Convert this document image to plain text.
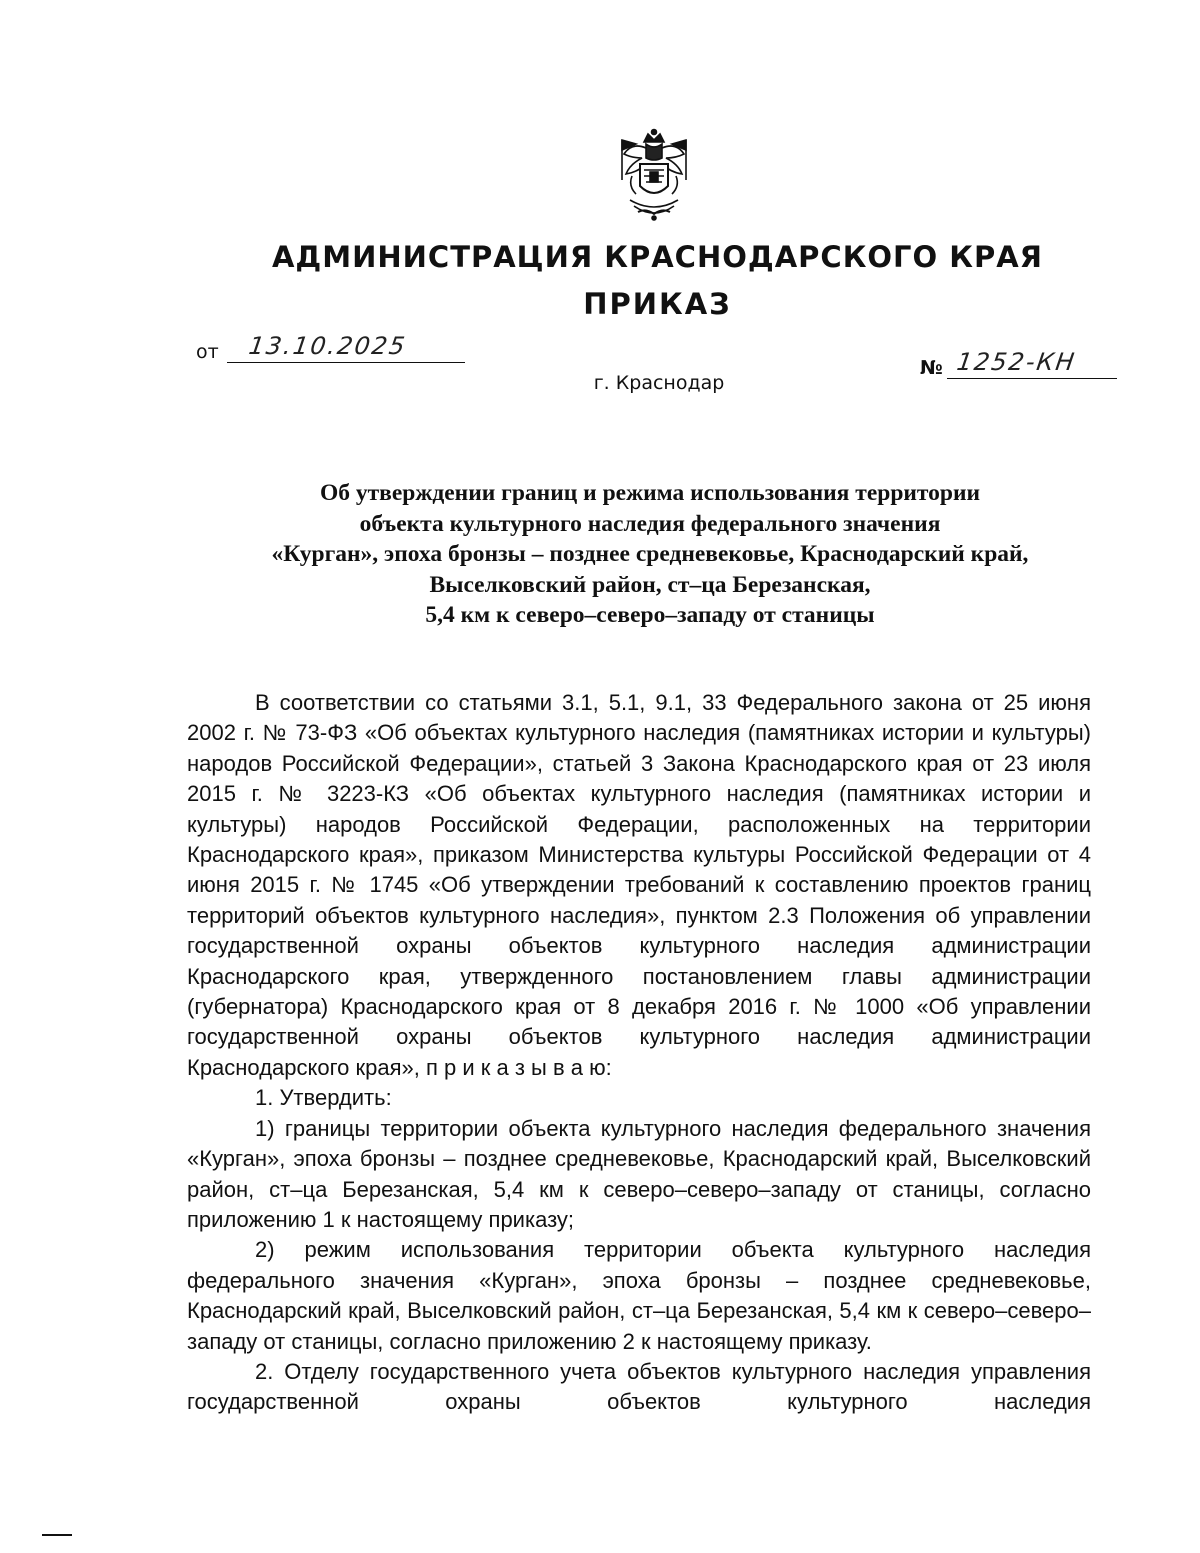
АДМИНИСТРАЦИЯ КРАСНОДАРСКОГО КРАЯ
ПРИКАЗ
от 13.10.2025
№ 1252-КН
г. Краснодар
Об утверждении границ и режима использования территории
объекта культурного наследия федерального значения
«Курган», эпоха бронзы – позднее средневековье, Краснодарский край,
Выселковский район, ст–ца Березанская,
5,4 км к северо–северо–западу от станицы

В соответствии со статьями 3.1, 5.1, 9.1, 33 Федерального закона от 25 июня 2002 г. № 73-ФЗ «Об объектах культурного наследия (памятниках истории и культуры) народов Российской Федерации», статьей 3 Закона Краснодарского края от 23 июля 2015 г. № 3223-КЗ «Об объектах культурного наследия (памятниках истории и культуры) народов Российской Федерации, расположенных на территории Краснодарского края», приказом Министерства культуры Российской Федерации от 4 июня 2015 г. № 1745 «Об утверждении требований к составлению проектов границ территорий объектов культурного наследия», пунктом 2.3 Положения об управлении государственной охраны объектов культурного наследия администрации Краснодарского края, утвержденного постановлением главы администрации (губернатора) Краснодарского края от 8 декабря 2016 г. № 1000 «Об управлении государственной охраны объектов культурного наследия администрации Краснодарского края», п р и к а з ы в а ю:

1. Утвердить:

1) границы территории объекта культурного наследия федерального значения «Курган», эпоха бронзы – позднее средневековье, Краснодарский край, Выселковский район, ст–ца Березанская, 5,4 км к северо–северо–западу от станицы, согласно приложению 1 к настоящему приказу;

2) режим использования территории объекта культурного наследия федерального значения «Курган», эпоха бронзы – позднее средневековье, Краснодарский край, Выселковский район, ст–ца Березанская, 5,4 км к северо–северо–западу от станицы, согласно приложению 2 к настоящему приказу.

2. Отделу государственного учета объектов культурного наследия управления государственной охраны объектов культурного наследия
